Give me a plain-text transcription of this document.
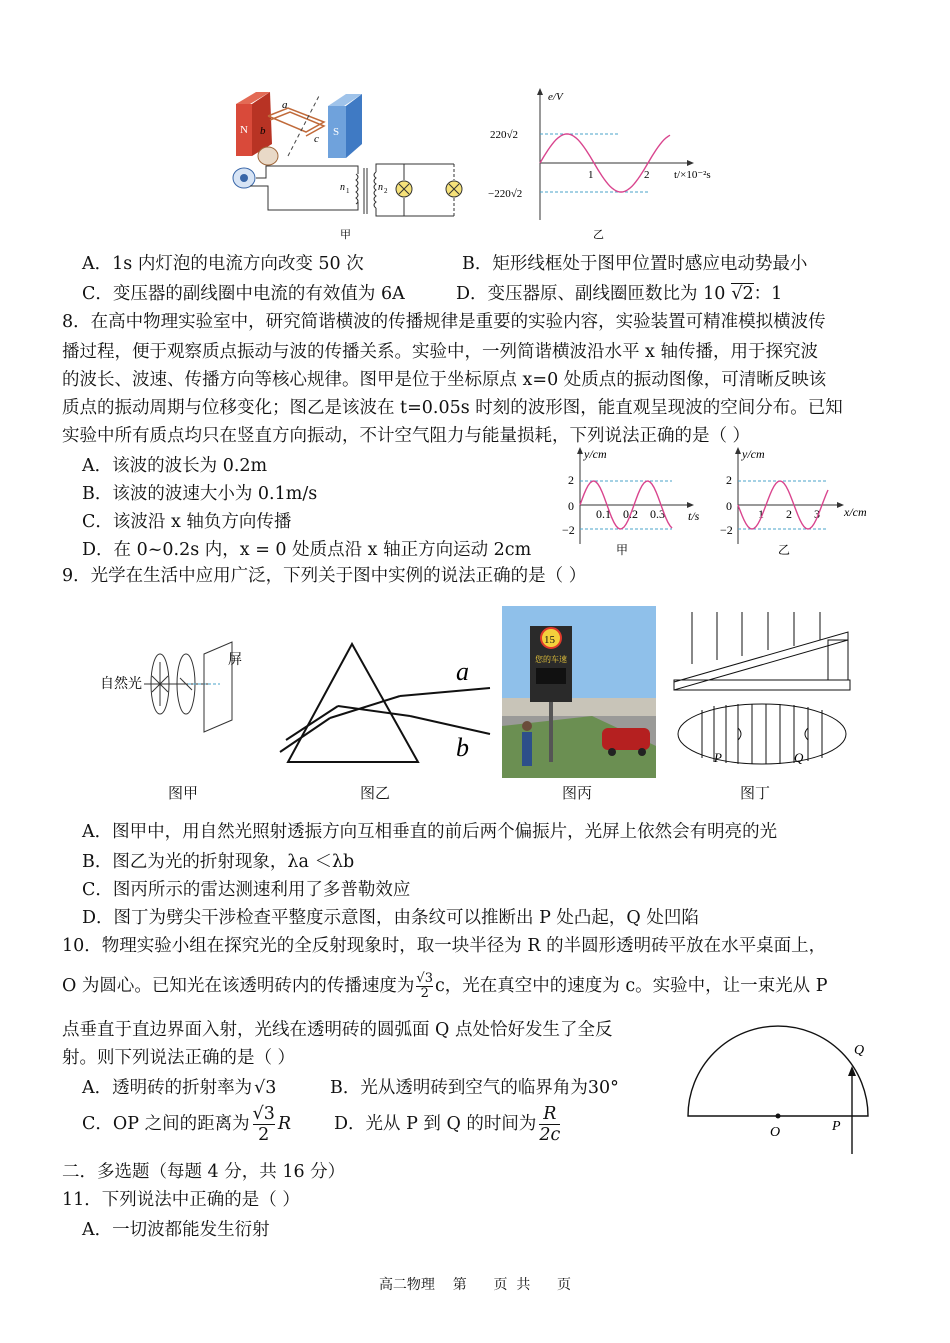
N	S
a
b
c
n 1	n 2
甲
e/V
t/×10⁻²s
220√2
−220√2
1	2
乙
A．1s 内灯泡的电流方向改变 50 次	B．矩形线框处于图甲位置时感应电动势最小
C．变压器的副线圈中电流的有效值为 6A	D．变压器原、副线圈匝数比为 10 √2：1
8．在高中物理实验室中，研究简谐横波的传播规律是重要的实验内容，实验装置可精准模拟横波传
播过程，便于观察质点振动与波的传播关系。实验中，一列简谐横波沿水平 x 轴传播，用于探究波
的波长、波速、传播方向等核心规律。图甲是位于坐标原点 x=0 处质点的振动图像，可清晰反映该
质点的振动周期与位移变化；图乙是该波在 t=0.05s 时刻的波形图，能直观呈现波的空间分布。已知
实验中所有质点均只在竖直方向振动，不计空气阻力与能量损耗，下列说法正确的是（ ）
A．该波的波长为 0.2m
B．该波的波速大小为 0.1m/s
C．该波沿 x 轴负方向传播
D．在 0~0.2s 内，x = 0 处质点沿 x 轴正方向运动 2cm
y/cm
t/s
2
0
−2
0.1 0.2 0.3
甲
y/cm
x/cm
2
0
−2
1 2 3
乙
9．光学在生活中应用广泛，下列关于图中实例的说法正确的是（ ）
自然光
屏	a
b
15
您的车速
P	Q
图甲	图乙	图丙	图丁
A．图甲中，用自然光照射透振方向互相垂直的前后两个偏振片，光屏上依然会有明亮的光
B．图乙为光的折射现象，λa ＜λb
C．图丙所示的雷达测速利用了多普勒效应
D．图丁为劈尖干涉检查平整度示意图，由条纹可以推断出 P 处凸起，Q 处凹陷
10．物理实验小组在探究光的全反射现象时，取一块半径为 R 的半圆形透明砖平放在水平桌面上，
O 为圆心。已知光在该透明砖内的传播速度为 $\frac{√3}{2}$ c，光在真空中的速度为 c。实验中，让一束光从 P
点垂直于直边界面入射，光线在透明砖的圆弧面 Q 点处恰好发生了全反
射。则下列说法正确的是（ ）
A．透明砖的折射率为 √3	B．光从透明砖到空气的临界角为30°
C．OP 之间的距离为 $\frac{√3}{2}$ R D．光从 P 到 Q 的时间为 $\frac{R}{2c}$	O	P
Q
二．多选题（每题 4 分，共 16 分）
11．下列说法中正确的是（ ）
A．一切波都能发生衍射
高二物理    第      页  共      页
